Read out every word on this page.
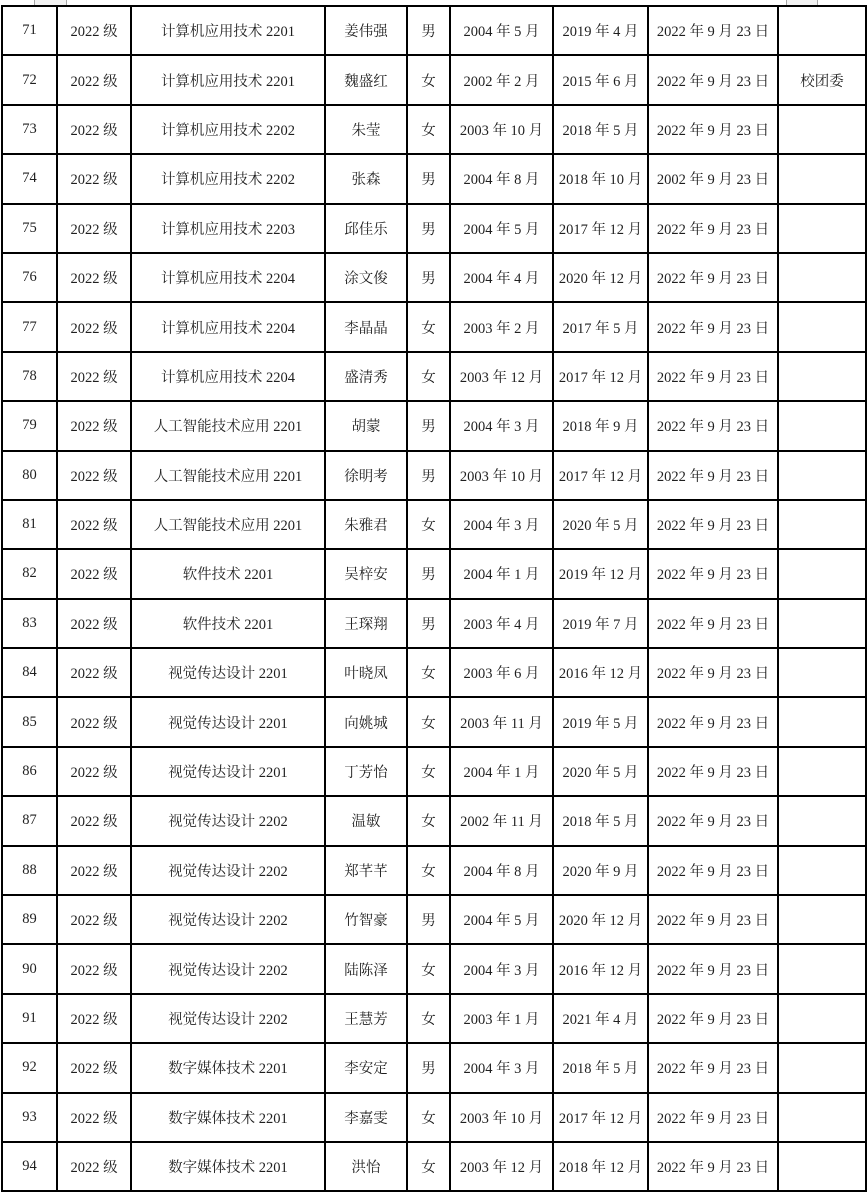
71	2022 级	计算机应用技术 2201	姜伟强	男	2004 年 5 月	2019 年 4 月	2022 年 9 月 23 日	
72	2022 级	计算机应用技术 2201	魏盛红	女	2002 年 2 月	2015 年 6 月	2022 年 9 月 23 日	校团委
73	2022 级	计算机应用技术 2202	朱莹	女	2003 年 10 月	2018 年 5 月	2022 年 9 月 23 日	
74	2022 级	计算机应用技术 2202	张森	男	2004 年 8 月	2018 年 10 月	2002 年 9 月 23 日	
75	2022 级	计算机应用技术 2203	邱佳乐	男	2004 年 5 月	2017 年 12 月	2022 年 9 月 23 日	
76	2022 级	计算机应用技术 2204	涂文俊	男	2004 年 4 月	2020 年 12 月	2022 年 9 月 23 日	
77	2022 级	计算机应用技术 2204	李晶晶	女	2003 年 2 月	2017 年 5 月	2022 年 9 月 23 日	
78	2022 级	计算机应用技术 2204	盛清秀	女	2003 年 12 月	2017 年 12 月	2022 年 9 月 23 日	
79	2022 级	人工智能技术应用 2201	胡蒙	男	2004 年 3 月	2018 年 9 月	2022 年 9 月 23 日	
80	2022 级	人工智能技术应用 2201	徐明考	男	2003 年 10 月	2017 年 12 月	2022 年 9 月 23 日	
81	2022 级	人工智能技术应用 2201	朱雅君	女	2004 年 3 月	2020 年 5 月	2022 年 9 月 23 日	
82	2022 级	软件技术 2201	吴梓安	男	2004 年 1 月	2019 年 12 月	2022 年 9 月 23 日	
83	2022 级	软件技术 2201	王琛翔	男	2003 年 4 月	2019 年 7 月	2022 年 9 月 23 日	
84	2022 级	视觉传达设计 2201	叶晓凤	女	2003 年 6 月	2016 年 12 月	2022 年 9 月 23 日	
85	2022 级	视觉传达设计 2201	向姚城	女	2003 年 11 月	2019 年 5 月	2022 年 9 月 23 日	
86	2022 级	视觉传达设计 2201	丁芳怡	女	2004 年 1 月	2020 年 5 月	2022 年 9 月 23 日	
87	2022 级	视觉传达设计 2202	温敏	女	2002 年 11 月	2018 年 5 月	2022 年 9 月 23 日	
88	2022 级	视觉传达设计 2202	郑芊芊	女	2004 年 8 月	2020 年 9 月	2022 年 9 月 23 日	
89	2022 级	视觉传达设计 2202	竹智豪	男	2004 年 5 月	2020 年 12 月	2022 年 9 月 23 日	
90	2022 级	视觉传达设计 2202	陆陈泽	女	2004 年 3 月	2016 年 12 月	2022 年 9 月 23 日	
91	2022 级	视觉传达设计 2202	王慧芳	女	2003 年 1 月	2021 年 4 月	2022 年 9 月 23 日	
92	2022 级	数字媒体技术 2201	李安定	男	2004 年 3 月	2018 年 5 月	2022 年 9 月 23 日	
93	2022 级	数字媒体技术 2201	李嘉雯	女	2003 年 10 月	2017 年 12 月	2022 年 9 月 23 日	
94	2022 级	数字媒体技术 2201	洪怡	女	2003 年 12 月	2018 年 12 月	2022 年 9 月 23 日	
